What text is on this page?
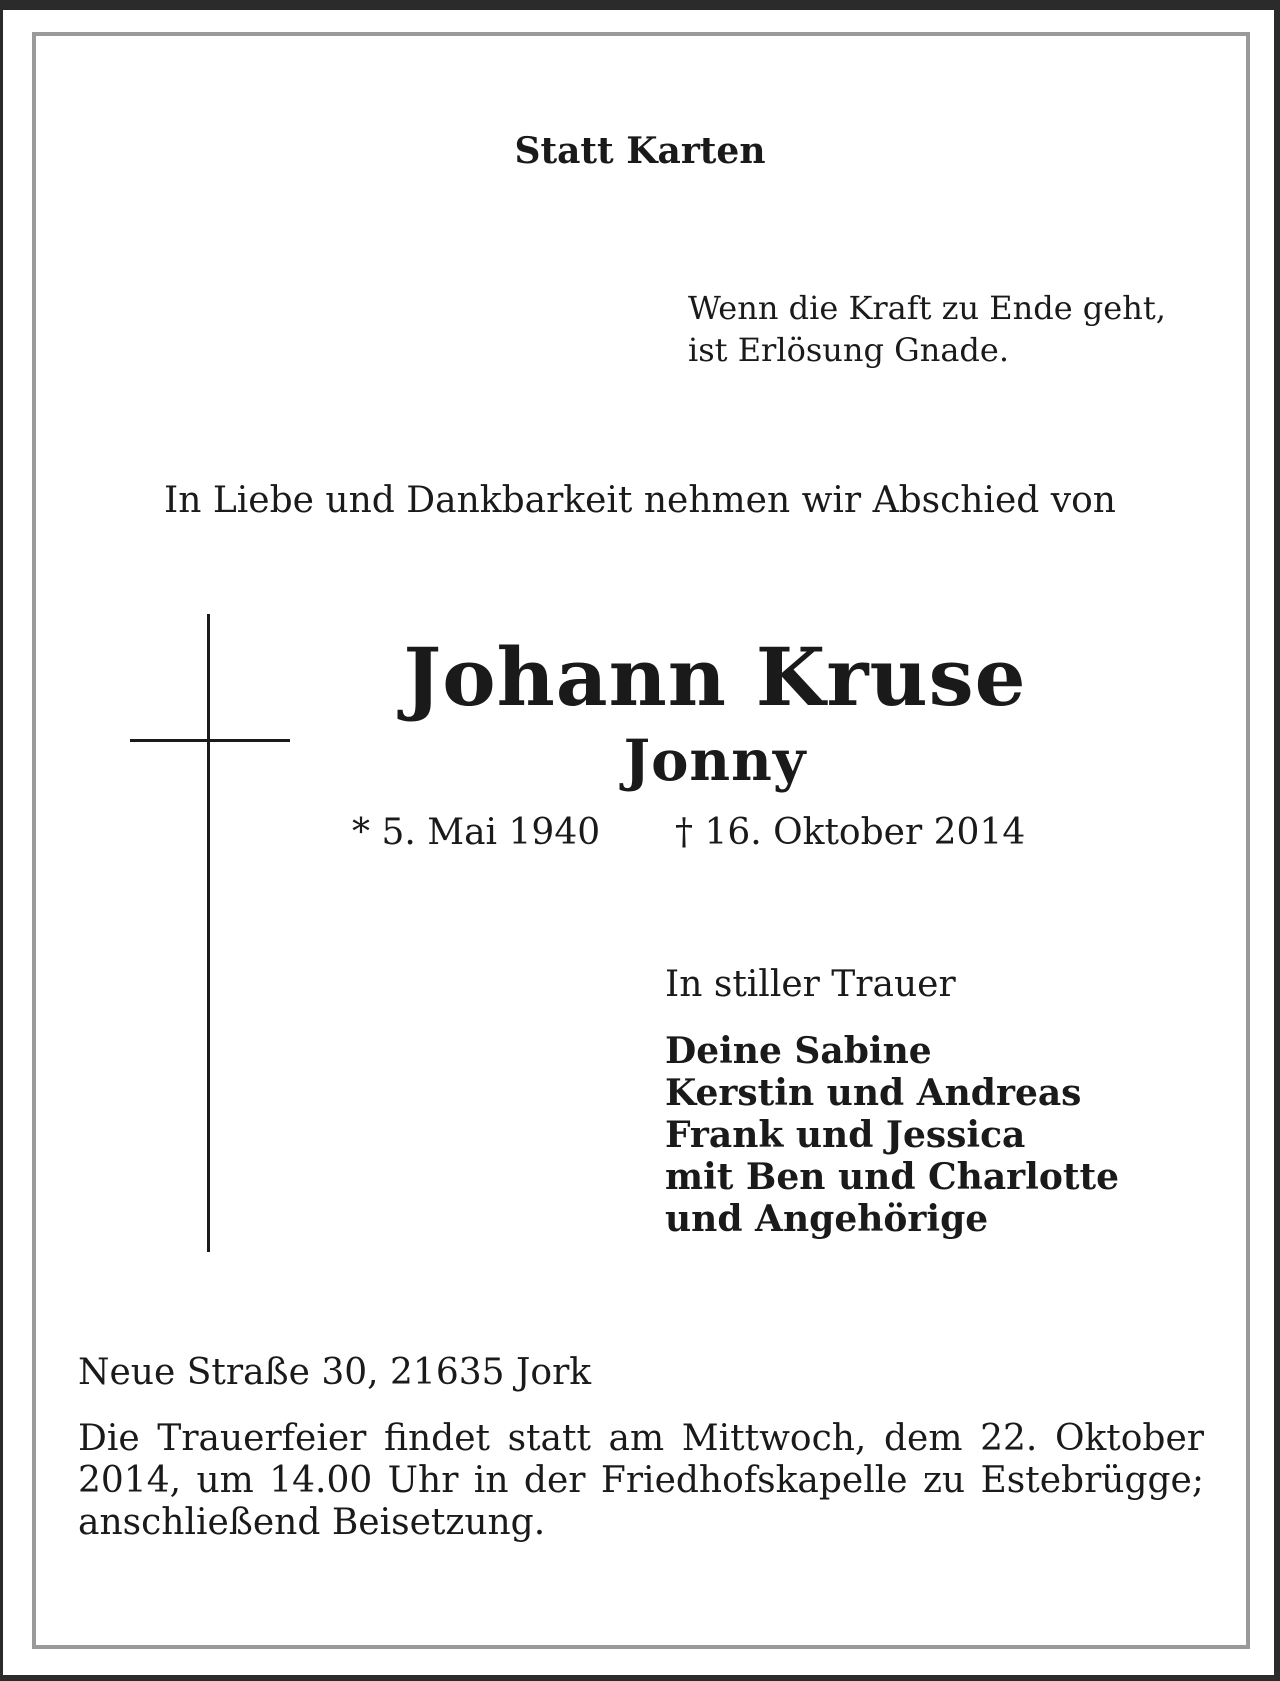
Statt Karten

Wenn die Kraft zu Ende geht,
ist Erlösung Gnade.

In Liebe und Dankbarkeit nehmen wir Abschied von

Johann Kruse

Jonny

* 5. Mai 1940 † 16. Oktober 2014

In stiller Trauer

Deine Sabine
Kerstin und Andreas
Frank und Jessica
mit Ben und Charlotte
und Angehörige

Neue Straße 30, 21635 Jork

Die Trauerfeier findet statt am Mittwoch, dem 22. Oktober 2014, um 14.00 Uhr in der Friedhofskapelle zu Estebrügge; anschließend Beisetzung.
